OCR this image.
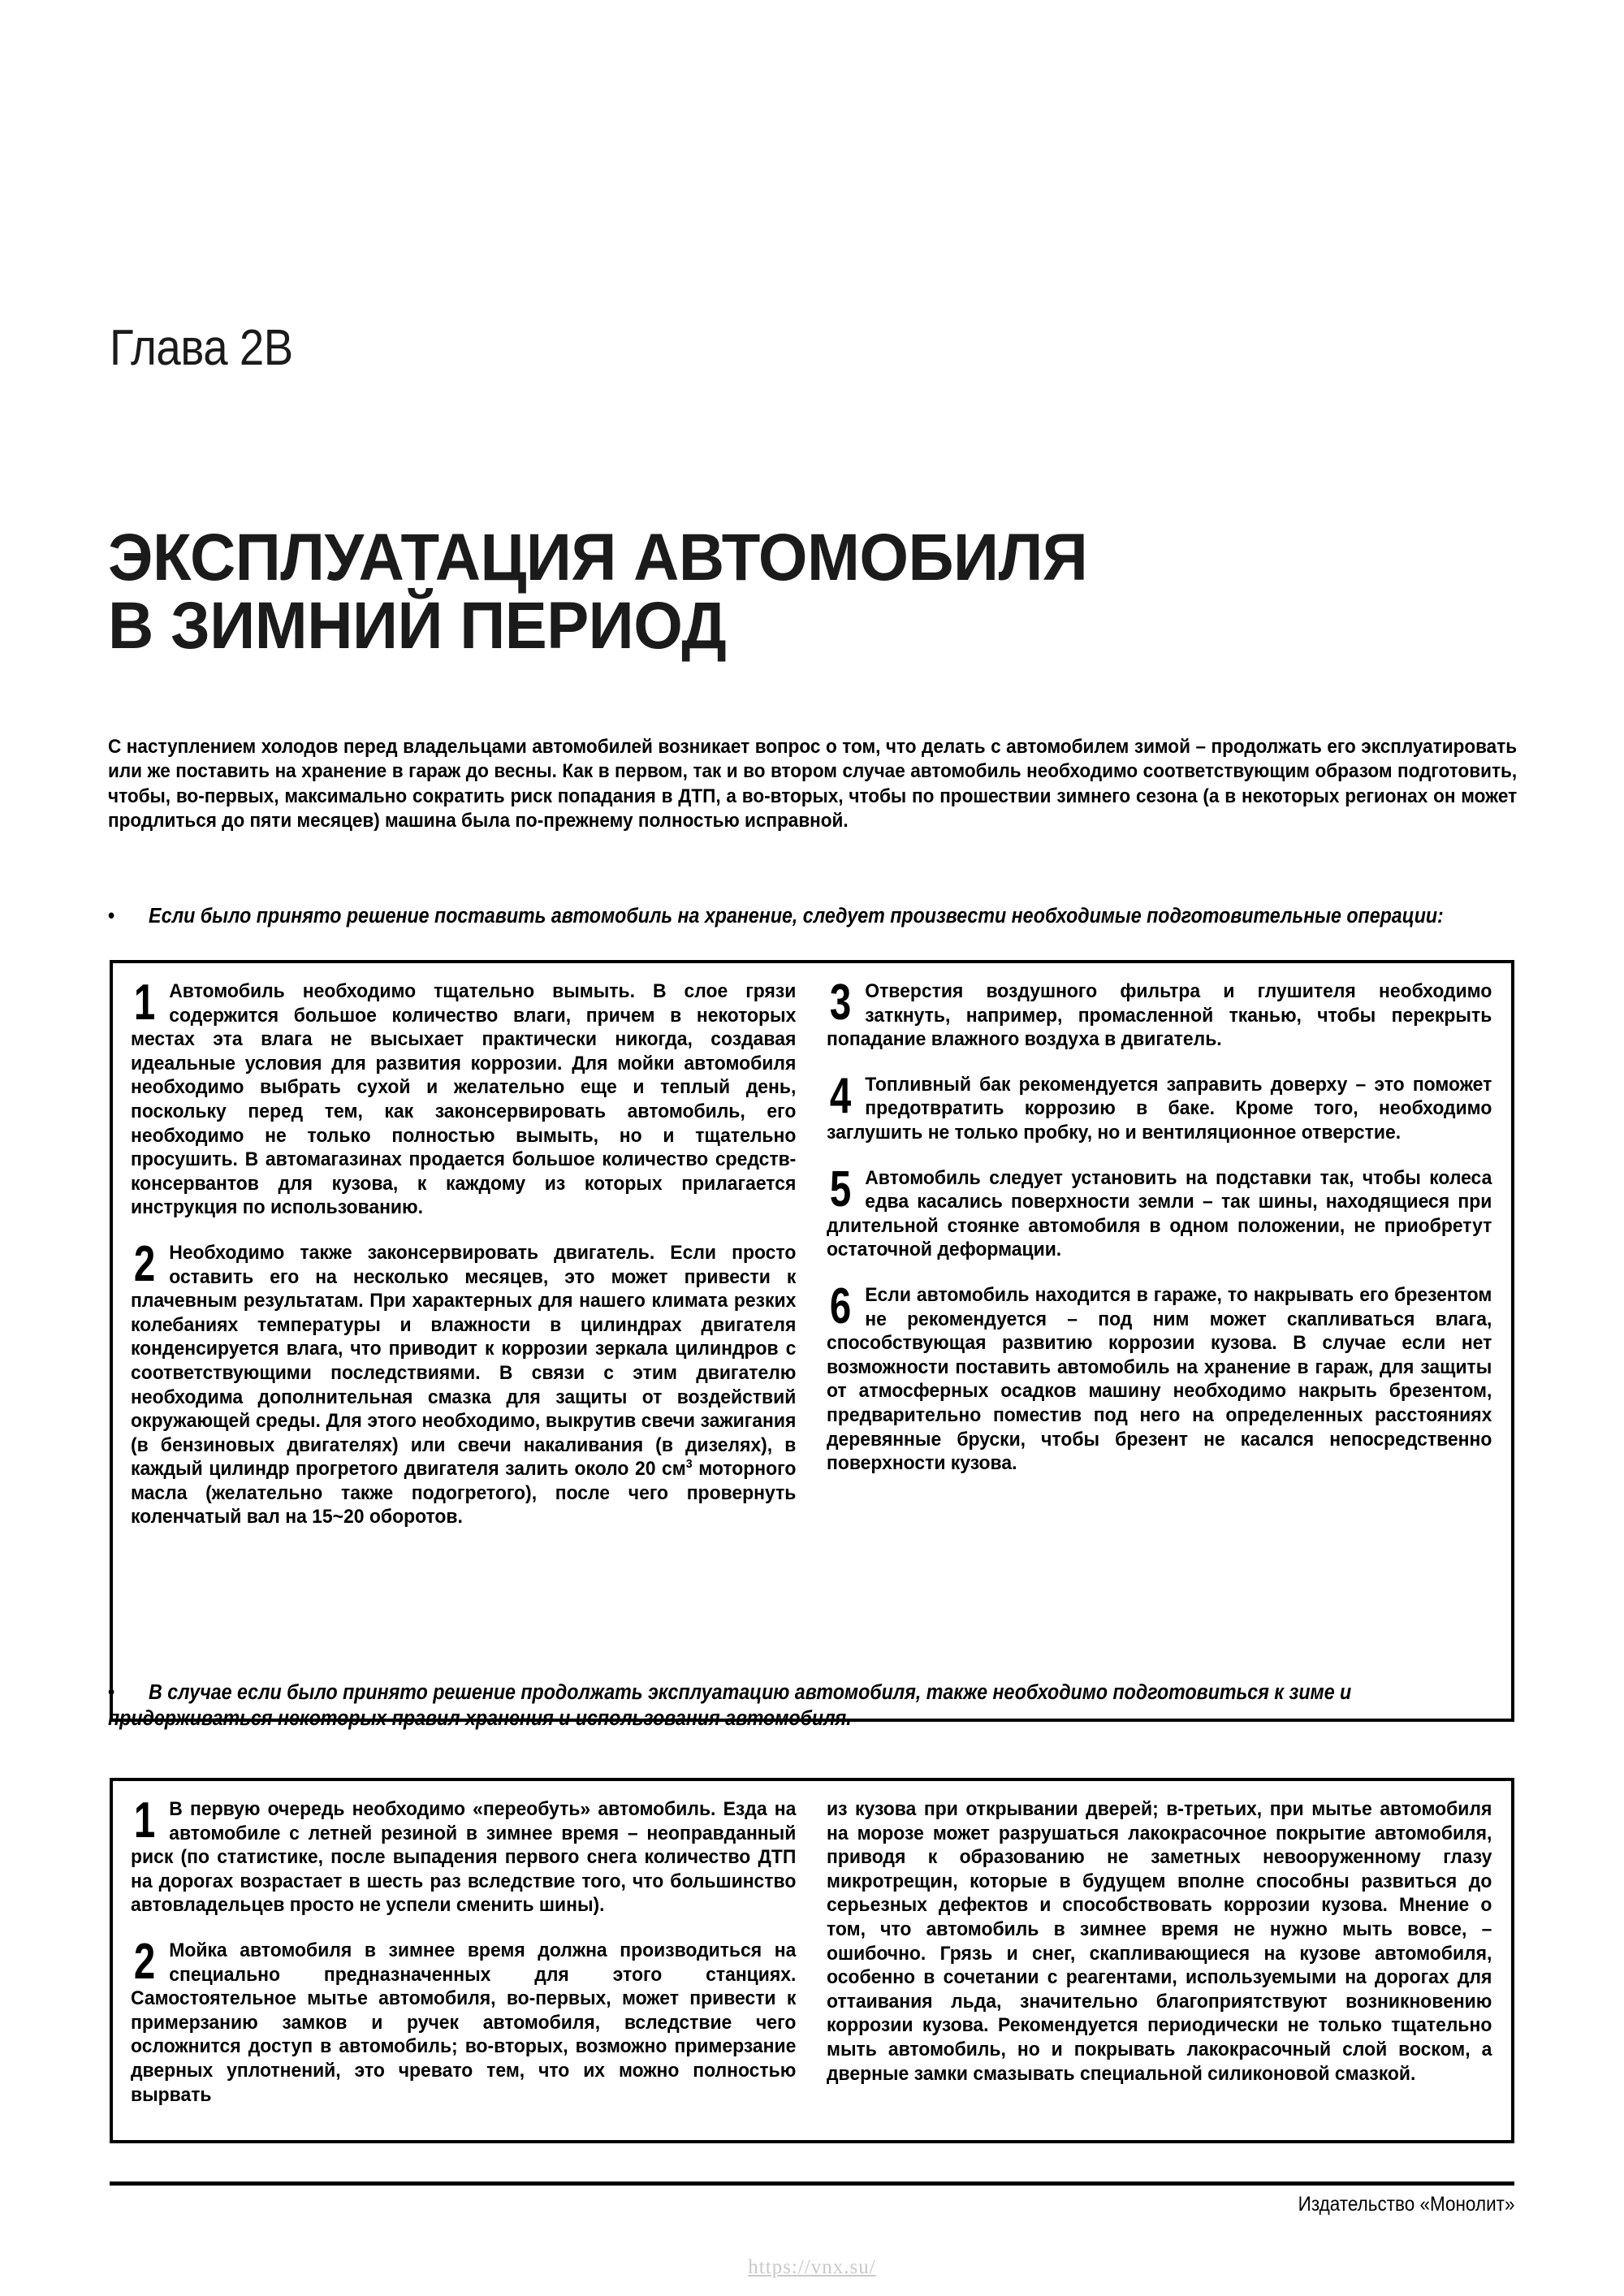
Глава 2B
ЭКСПЛУАТАЦИЯ АВТОМОБИЛЯ
В ЗИМНИЙ ПЕРИОД

С наступлением холодов перед владельцами автомобилей возникает вопрос о том, что делать с автомобилем зимой – продолжать его эксплуатировать или же поставить на хранение в гараж до весны. Как в первом, так и во втором случае автомобиль необходимо соответствующим образом подготовить, чтобы, во-первых, максимально сократить риск попадания в ДТП, а во-вторых, чтобы по прошествии зимнего сезона (а в некоторых регионах он может продлиться до пяти месяцев) машина была по-прежнему полностью исправной.

• Если было принято решение поставить автомобиль на хранение, следует произвести необходимые подготовительные операции:

1 Автомобиль необходимо тщательно вымыть. В слое грязи содержится большое количество влаги, причем в некоторых местах эта влага не высыхает практически никогда, создавая идеальные условия для развития коррозии. Для мойки автомобиля необходимо выбрать сухой и желательно еще и теплый день, поскольку перед тем, как законсервировать автомобиль, его необходимо не только полностью вымыть, но и тщательно просушить. В автомагазинах продается большое количество средств-консервантов для кузова, к каждому из которых прилагается инструкция по использованию.

2 Необходимо также законсервировать двигатель. Если просто оставить его на несколько месяцев, это может привести к плачевным результатам. При характерных для нашего климата резких колебаниях температуры и влажности в цилиндрах двигателя конденсируется влага, что приводит к коррозии зеркала цилиндров с соответствующими последствиями. В связи с этим двигателю необходима дополнительная смазка для защиты от воздействий окружающей среды. Для этого необходимо, выкрутив свечи зажигания (в бензиновых двигателях) или свечи накаливания (в дизелях), в каждый цилиндр прогретого двигателя залить около 20 $см^3$ моторного масла (желательно также подогретого), после чего провернуть коленчатый вал на 15~20 оборотов.

3 Отверстия воздушного фильтра и глушителя необходимо заткнуть, например, промасленной тканью, чтобы перекрыть попадание влажного воздуха в двигатель.

4 Топливный бак рекомендуется заправить доверху – это поможет предотвратить коррозию в баке. Кроме того, необходимо заглушить не только пробку, но и вентиляционное отверстие.

5 Автомобиль следует установить на подставки так, чтобы колеса едва касались поверхности земли – так шины, находящиеся при длительной стоянке автомобиля в одном положении, не приобретут остаточной деформации.

6 Если автомобиль находится в гараже, то накрывать его брезентом не рекомендуется – под ним может скапливаться влага, способствующая развитию коррозии кузова. В случае если нет возможности поставить автомобиль на хранение в гараж, для защиты от атмосферных осадков машину необходимо накрыть брезентом, предварительно поместив под него на определенных расстояниях деревянные бруски, чтобы брезент не касался непосредственно поверхности кузова.

• В случае если было принято решение продолжать эксплуатацию автомобиля, также необходимо подготовиться к зиме и придерживаться некоторых правил хранения и использования автомобиля.

1 В первую очередь необходимо «переобуть» автомобиль. Езда на автомобиле с летней резиной в зимнее время – неоправданный риск (по статистике, после выпадения первого снега количество ДТП на дорогах возрастает в шесть раз вследствие того, что большинство автовладельцев просто не успели сменить шины).

2 Мойка автомобиля в зимнее время должна производиться на специально предназначенных для этого станциях. Самостоятельное мытье автомобиля, во-первых, может привести к примерзанию замков и ручек автомобиля, вследствие чего осложнится доступ в автомобиль; во-вторых, возможно примерзание дверных уплотнений, это чревато тем, что их можно полностью вырвать

из кузова при открывании дверей; в-третьих, при мытье автомобиля на морозе может разрушаться лакокрасочное покрытие автомобиля, приводя к образованию не заметных невооруженному глазу микротрещин, которые в будущем вполне способны развиться до серьезных дефектов и способствовать коррозии кузова. Мнение о том, что автомобиль в зимнее время не нужно мыть вовсе, – ошибочно. Грязь и снег, скапливающиеся на кузове автомобиля, особенно в сочетании с реагентами, используемыми на дорогах для оттаивания льда, значительно благоприятствуют возникновению коррозии кузова. Рекомендуется периодически не только тщательно мыть автомобиль, но и покрывать лакокрасочный слой воском, а дверные замки смазывать специальной силиконовой смазкой.

Издательство «Монолит»
https://vnx.su/
